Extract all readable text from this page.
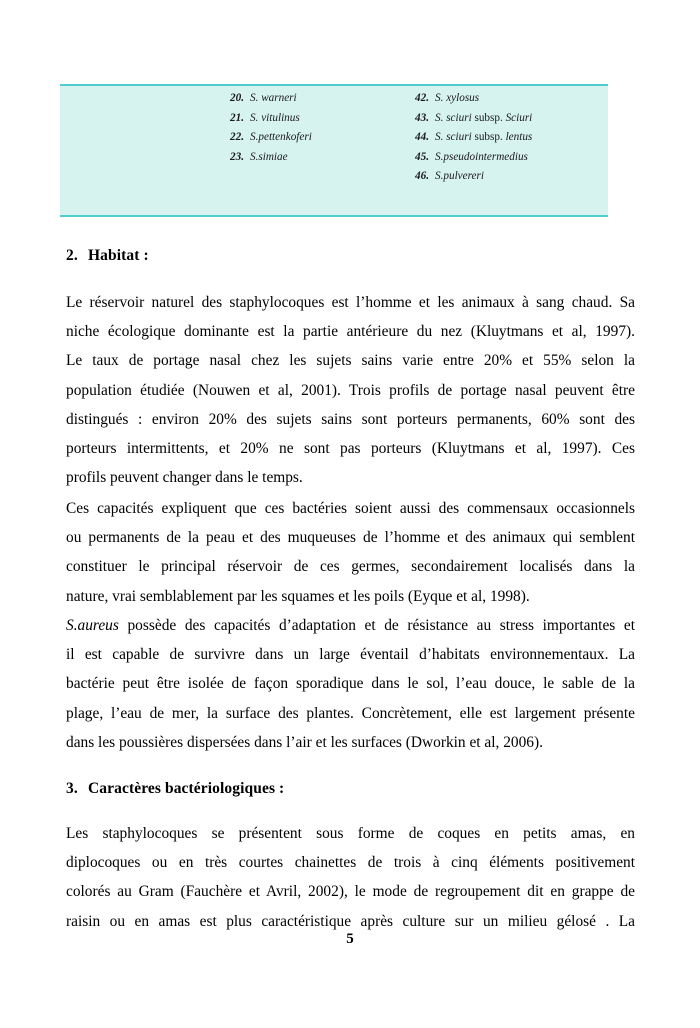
20. S. warneri
21. S. vitulinus
22. S.pettenkoferi
23. S.simiae
42. S. xylosus
43. S. sciuri subsp. Sciuri
44. S. sciuri subsp. lentus
45. S.pseudointermedius
46. S.pulvereri
2. Habitat :
Le réservoir naturel des staphylocoques est l’homme et les animaux à sang chaud. Sa
niche écologique dominante est la partie antérieure du nez (Kluytmans et al, 1997).
Le taux de portage nasal chez les sujets sains varie entre 20% et 55% selon la
population étudiée (Nouwen et al, 2001). Trois profils de portage nasal peuvent être
distingués : environ 20% des sujets sains sont porteurs permanents, 60% sont des
porteurs intermittents, et 20% ne sont pas porteurs (Kluytmans et al, 1997). Ces
profils peuvent changer dans le temps.
Ces capacités expliquent que ces bactéries soient aussi des commensaux occasionnels
ou permanents de la peau et des muqueuses de l’homme et des animaux qui semblent
constituer le principal réservoir de ces germes, secondairement localisés dans la
nature, vrai semblablement par les squames et les poils (Eyque et al, 1998).
S.aureus possède des capacités d’adaptation et de résistance au stress importantes et
il est capable de survivre dans un large éventail d’habitats environnementaux. La
bactérie peut être isolée de façon sporadique dans le sol, l’eau douce, le sable de la
plage, l’eau de mer, la surface des plantes. Concrètement, elle est largement présente
dans les poussières dispersées dans l’air et les surfaces (Dworkin et al, 2006).
3. Caractères bactériologiques :
Les staphylocoques se présentent sous forme de coques en petits amas, en
diplocoques ou en très courtes chainettes de trois à cinq éléments positivement
colorés au Gram (Fauchère et Avril, 2002), le mode de regroupement dit en grappe de
raisin ou en amas est plus caractéristique après culture sur un milieu gélosé . La
5
